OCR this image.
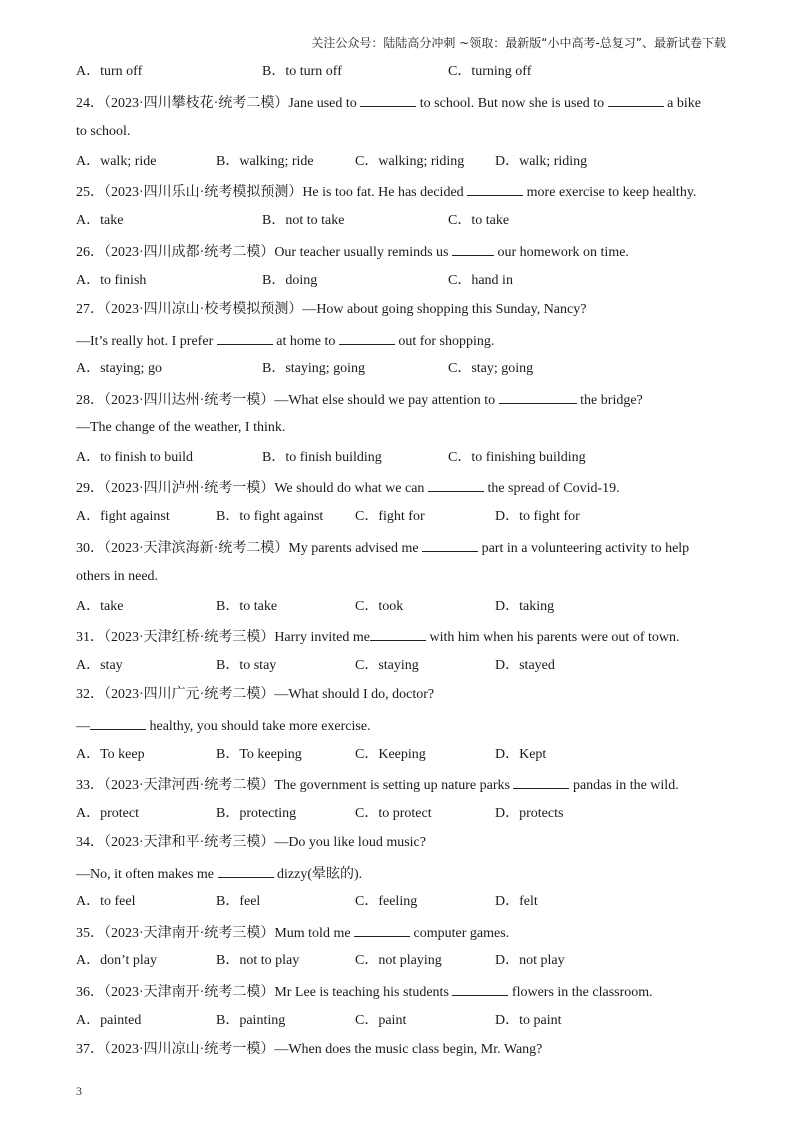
关注公众号：陆陆高分冲刺 ~领取：最新版“小中高考-总复习”、最新试卷下载
A．turn off	B．to turn off	C．turning off
24．（2023·四川攀枝花·统考二模）Jane used to	to school. But now she is used to	a bike
to school.
A．walk; ride	B．walking; ride	C．walking; riding D．walk; riding
25．（2023·四川乐山·统考模拟预测）He is too fat. He has decided	more exercise to keep healthy.
A．take	B．not to take	C．to take
26．（2023·四川成都·统考二模）Our teacher usually reminds us	our homework on time.
A．to finish	B．doing	C．hand in
27．（2023·四川凉山·校考模拟预测）—How about going shopping this Sunday, Nancy?
—It’s really hot. I prefer	at home to	out for shopping.
A．staying; go	B．staying; going	C．stay; going
28．（2023·四川达州·统考一模）—What else should we pay attention to	the bridge?
—The change of the weather, I think.
A．to finish to build	B．to finish building	C．to finishing building
29．（2023·四川泸州·统考一模）We should do what we can	the spread of Covid-19.
A．fight against	B．to fight against C．fight for	D．to fight for
30．（2023·天津滨海新·统考二模）My parents advised me	part in a volunteering activity to help
others in need.
A．take	B．to take	C．took	D．taking
31．（2023·天津红桥·统考三模）Harry invited me	with him when his parents were out of town.
A．stay	B．to stay	C．staying	D．stayed
32．（2023·四川广元·统考二模）—What should I do, doctor?
—	healthy, you should take more exercise.
A．To keep	B．To keeping	C．Keeping	D．Kept
33．（2023·天津河西·统考二模）The government is setting up nature parks	pandas in the wild.
A．protect	B．protecting	C．to protect	D．protects
34．（2023·天津和平·统考三模）—Do you like loud music?
—No, it often makes me	dizzy(晕眩的).
A．to feel	B．feel	C．feeling	D．felt
35．（2023·天津南开·统考三模）Mum told me	computer games.
A．don’t play	B．not to play	C．not playing	D．not play
36．（2023·天津南开·统考二模）Mr Lee is teaching his students	flowers in the classroom.
A．painted	B．painting	C．paint	D．to paint
37．（2023·四川凉山·统考一模）—When does the music class begin, Mr. Wang?
3
